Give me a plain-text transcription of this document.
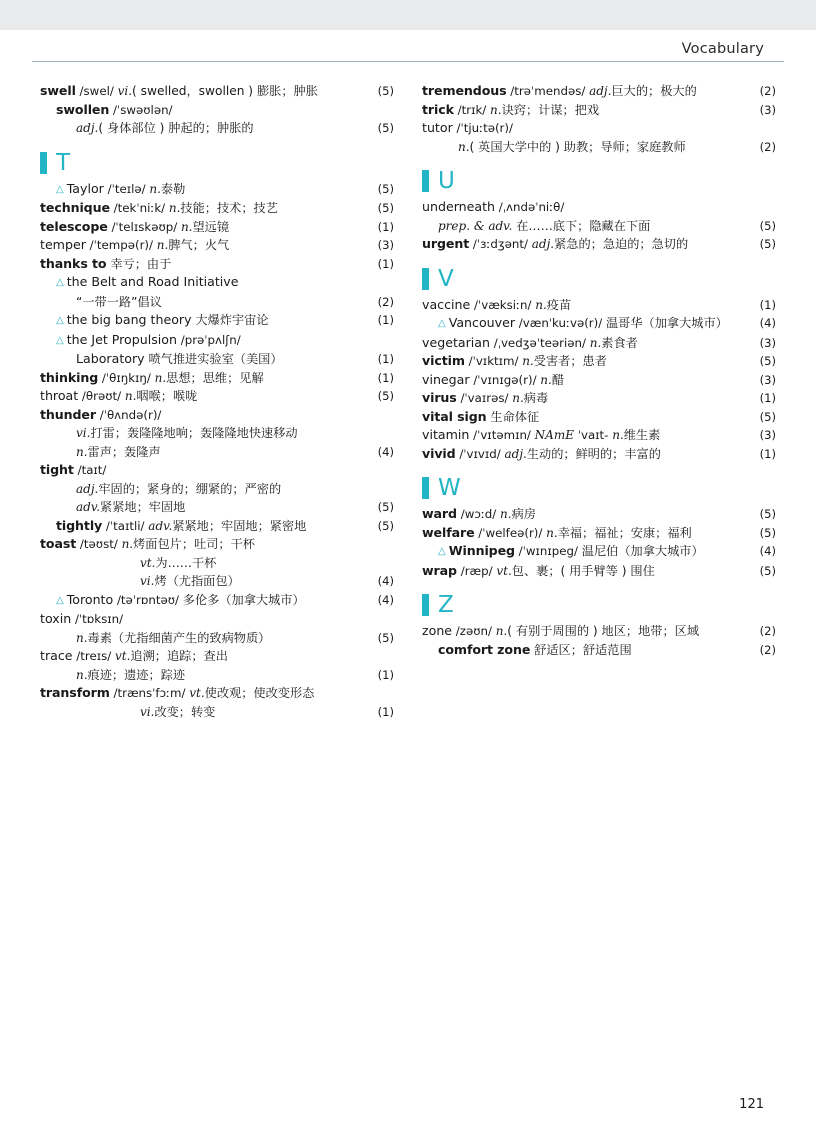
Vocabulary
swell /swel/ vi.( swelled，swollen ) 膨胀；肿胀	(5)
swollen /ˈswəʊlən/
adj.( 身体部位 ) 肿起的；肿胀的	(5)
T
△ Taylor /ˈteɪlə/ n.泰勒	(5)
technique /tekˈniːk/ n.技能；技术；技艺	(5)
telescope /ˈtelɪskəʊp/ n.望远镜	(1)
temper /ˈtempə(r)/ n.脾气；火气	(3)
thanks to 幸亏；由于	(1)
△ the Belt and Road Initiative
“一带一路”倡议	(2)
△ the big bang theory 大爆炸宇宙论	(1)
△ the Jet Propulsion /prəˈpʌlʃn/
Laboratory 喷气推进实验室（美国）	(1)
thinking /ˈθɪŋkɪŋ/ n.思想；思维；见解	(1)
throat /θrəʊt/ n.咽喉；喉咙	(5)
thunder /ˈθʌndə(r)/
vi.打雷；轰隆隆地响；轰隆隆地快速移动
n.雷声；轰隆声	(4)
tight /taɪt/
adj.牢固的；紧身的；绷紧的；严密的
adv.紧紧地；牢固地	(5)
tightly /ˈtaɪtli/ adv.紧紧地；牢固地；紧密地	(5)
toast /təʊst/ n.烤面包片；吐司；干杯
vt.为……干杯
vi.烤（尤指面包）	(4)
△ Toronto /təˈrɒntəʊ/ 多伦多（加拿大城市）	(4)
toxin /ˈtɒksɪn/
n.毒素（尤指细菌产生的致病物质）	(5)
trace /treɪs/ vt.追溯；追踪；查出
n.痕迹；遗迹；踪迹	(1)
transform /trænsˈfɔːm/ vt.使改观；使改变形态
vi.改变；转变	(1)
tremendous /trəˈmendəs/ adj.巨大的；极大的	(2)
trick /trɪk/ n.诀窍；计谋；把戏	(3)
tutor /ˈtjuːtə(r)/
n.( 英国大学中的 ) 助教；导师；家庭教师	(2)
U
underneath /ˌʌndəˈniːθ/
prep. & adv. 在……底下；隐藏在下面	(5)
urgent /ˈɜːdʒənt/ adj.紧急的；急迫的；急切的	(5)
V
vaccine /ˈvæksiːn/ n.疫苗	(1)
△ Vancouver /vænˈkuːvə(r)/ 温哥华（加拿大城市）	(4)
vegetarian /ˌvedʒəˈteəriən/ n.素食者	(3)
victim /ˈvɪktɪm/ n.受害者；患者	(5)
vinegar /ˈvɪnɪgə(r)/ n.醋	(3)
virus /ˈvaɪrəs/ n.病毒	(1)
vital sign 生命体征	(5)
vitamin /ˈvɪtəmɪn/ NAmE ˈvaɪt- n.维生素	(3)
vivid /ˈvɪvɪd/ adj.生动的；鲜明的；丰富的	(1)
W
ward /wɔːd/ n.病房	(5)
welfare /ˈwelfeə(r)/ n.幸福；福祉；安康；福利	(5)
△ Winnipeg /ˈwɪnɪpeg/ 温尼伯（加拿大城市）	(4)
wrap /ræp/ vt.包、裹；( 用手臂等 ) 围住	(5)
Z
zone /zəʊn/ n.( 有别于周围的 ) 地区；地带；区域	(2)
comfort zone 舒适区；舒适范围	(2)
121
